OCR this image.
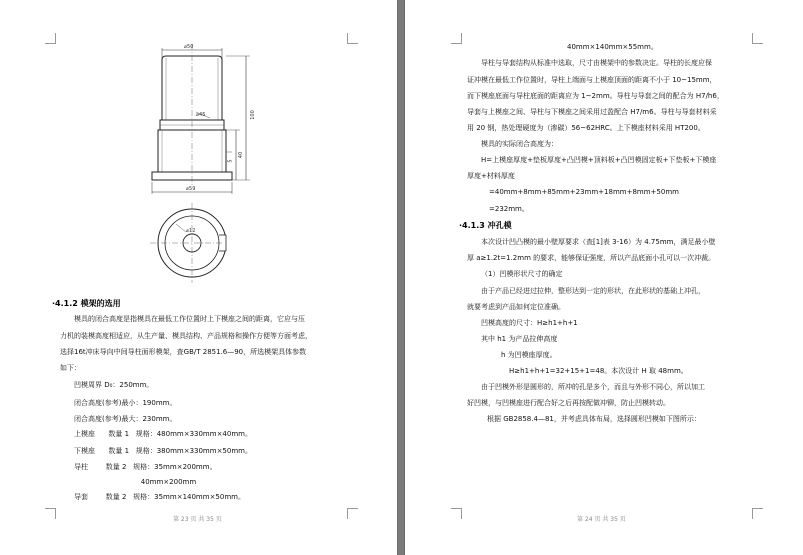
⌀50
⌀45
⌀59
100
40
5
⌀12
·4.1.2 模架的选用
模具的闭合高度是指模具在最低工作位置时上下模座之间的距离，它应与压
力机的装模高度相适应，从生产量、模具结构、产品规格和操作方便等方面考虑，
选择16t冲床导向中间导柱面形模架，查GB/T 2851.6—90，所选模架具体参数
如下：
凹模周界 D₀：250mm。
闭合高度(参考)最小：190mm。
闭合高度(参考)最大：230mm。
上模座      数量 1   规格：480mm×330mm×40mm。
下模座      数量 1   规格：380mm×330mm×50mm。
导柱        数量 2   规格：35mm×200mm。
40mm×200mm
导套        数量 2   规格：35mm×140mm×50mm。
第 23 页 共 35 页
40mm×140mm×55mm。
导柱与导套结构从标准中选取，尺寸由模架中的参数决定。导柱的长度应保
证冲模在最低工作位置时，导柱上端面与上模座顶面的距离不小于 10~15mm，
而下模座底面与导柱底面的距离应为 1~2mm。导柱与导套之间的配合为 H7/h6，
导套与上模座之间、导柱与下模座之间采用过盈配合 H7/m6。导柱与导套材料采
用 20 钢，热处理硬度为（渗碳）56~62HRC。上下模座材料采用 HT200。
模具的实际闭合高度为：
H=上模座厚度+垫板厚度+凸凹模+顶料板+凸凹模固定板+下垫板+下模座
厚度+材料厚度
=40mm+8mm+85mm+23mm+18mm+8mm+50mm
=232mm。
·4.1.3 冲孔模
本次设计凹凸模的最小壁厚要求（查[1]表 3-16）为 4.75mm，满足最小壁
厚 a≥1.2t=1.2mm 的要求，能够保证强度，所以产品底面小孔可以一次冲裁。
（1）凹模形状尺寸的确定
由于产品已经进过拉伸，整形达到一定的形状，在此形状的基础上冲孔，
就要考虑到产品如何定位准确。
凹模高度的尺寸：H≥h1+h+1
其中 h1 为产品拉伸高度
h 为凹模座厚度。
H≥h1+h+1=32+15+1=48。本次设计 H 取 48mm。
由于凹模外形是圆形的，所冲的孔是多个，而且与外形不同心，所以加工
好凹模，与凹模座进行配合好之后再按配做冲铆，防止凹模转动。
根据 GB2858.4—81，并考虑具体布局，选择圆形凹模如下图所示：
第 24 页 共 35 页
